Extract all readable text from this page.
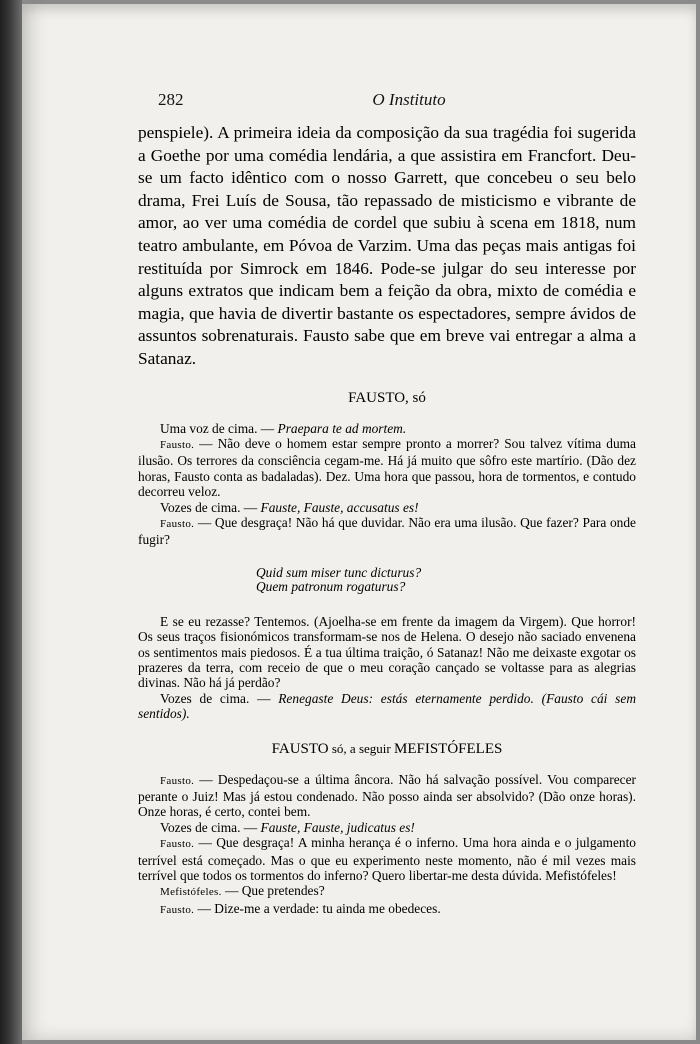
282	O Instituto

penspiele). A primeira ideia da composição da sua tragédia foi sugerida a Goethe por uma comédia lendária, a que assistira em Francfort. Deu-se um facto idêntico com o nosso Garrett, que concebeu o seu belo drama, Frei Luís de Sousa, tão repassado de misticismo e vibrante de amor, ao ver uma comédia de cordel que subiu à scena em 1818, num teatro ambulante, em Póvoa de Varzim. Uma das peças mais antigas foi restituída por Simrock em 1846. Pode-se julgar do seu interesse por alguns extratos que indicam bem a feição da obra, mixto de comédia e magia, que havia de divertir bastante os espectadores, sempre ávidos de assuntos sobrenaturais. Fausto sabe que em breve vai entregar a alma a Satanaz.

FAUSTO, só

Uma voz de cima. — Praepara te ad mortem.

Fausto. — Não deve o homem estar sempre pronto a morrer? Sou talvez vítima duma ilusão. Os terrores da consciência cegam-me. Há já muito que sôfro este martírio. (Dão dez horas, Fausto conta as badaladas). Dez. Uma hora que passou, hora de tormentos, e contudo decorreu veloz.

Vozes de cima. — Fauste, Fauste, accusatus es!

Fausto. — Que desgraça! Não há que duvidar. Não era uma ilusão. Que fazer? Para onde fugir?

Quid sum miser tunc dicturus?

Quem patronum rogaturus?

E se eu rezasse? Tentemos. (Ajoelha-se em frente da imagem da Virgem). Que horror! Os seus traços fisionómicos transformam-se nos de Helena. O desejo não saciado envenena os sentimentos mais piedosos. É a tua última traição, ó Satanaz! Não me deixaste exgotar os prazeres da terra, com receio de que o meu coração cançado se voltasse para as alegrias divinas. Não há já perdão?

Vozes de cima. — Renegaste Deus: estás eternamente perdido. (Fausto cái sem sentidos).

FAUSTO só, a seguir MEFISTÓFELES

Fausto. — Despedaçou-se a última âncora. Não há salvação possível. Vou comparecer perante o Juiz! Mas já estou condenado. Não posso ainda ser absolvido? (Dão onze horas). Onze horas, é certo, contei bem.

Vozes de cima. — Fauste, Fauste, judicatus es!

Fausto. — Que desgraça! A minha herança é o inferno. Uma hora ainda e o julgamento terrível está começado. Mas o que eu experimento neste momento, não é mil vezes mais terrível que todos os tormentos do inferno? Quero libertar-me desta dúvida. Mefistófeles!

Mefistófeles. — Que pretendes?

Fausto. — Dize-me a verdade: tu ainda me obedeces.
